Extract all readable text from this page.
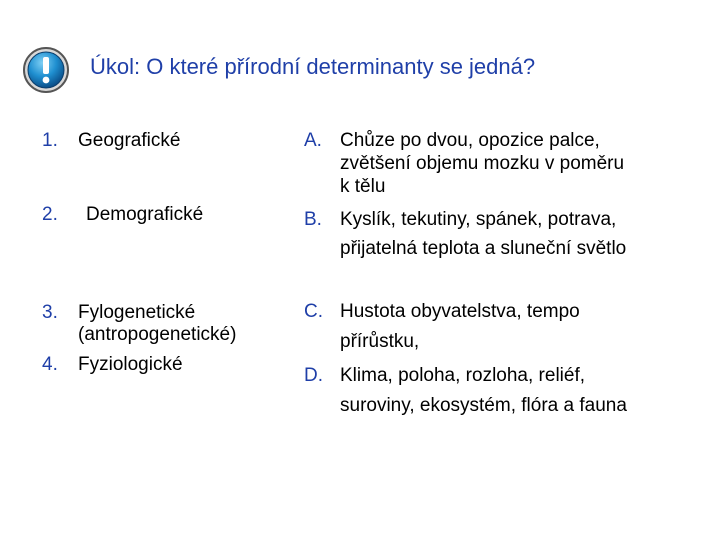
Úkol: O které přírodní determinanty se jedná?
1. Geografické
2. Demografické
3. Fylogenetické
(antropogenetické)
4. Fyziologické
A. Chůze po dvou, opozice palce,
zvětšení objemu mozku v poměru
k tělu
B. Kyslík, tekutiny, spánek, potrava,
přijatelná teplota a sluneční světlo
C. Hustota obyvatelstva, tempo
přírůstku,
D. Klima, poloha, rozloha, reliéf,
suroviny, ekosystém, flóra a fauna
